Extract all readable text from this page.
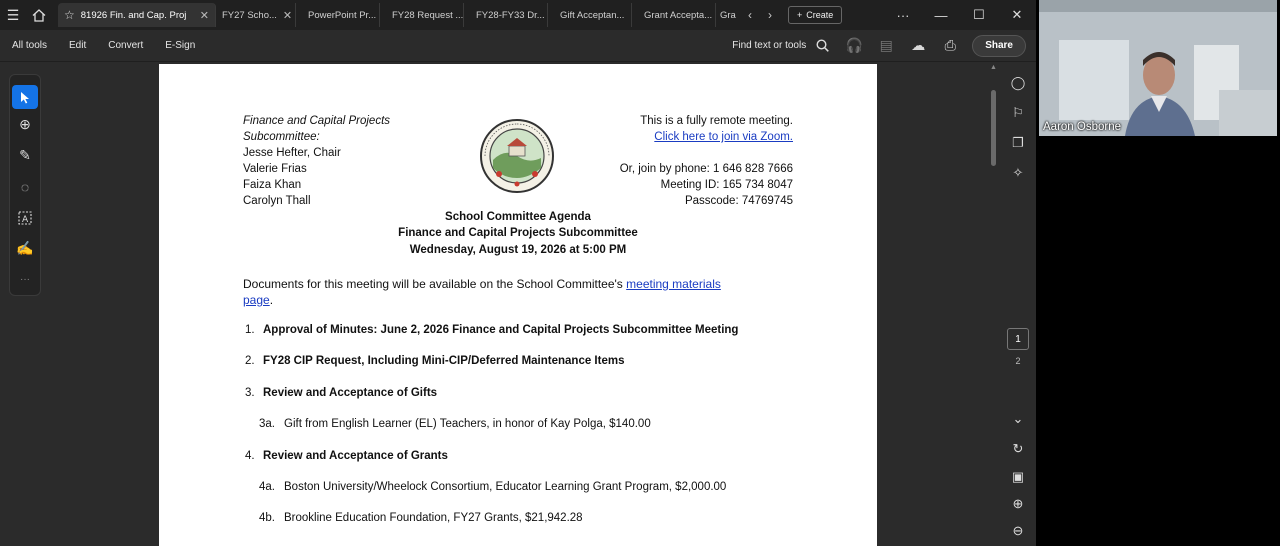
☰	☆ 81926 Fin. and Cap. Proj	✕ FY27 Scho... ✕ PowerPoint Pr... FY28 Request ... FY28-FY33 Dr... Gift Acceptan... Grant Accepta... Gra	‹	›	+ Create	···	—	☐	✕
All tools	Edit	Convert	E-Sign	Find text or tools	🎧	▤	☁	⎙	Share
⊕
✎
◌
A
✍
···
Finance and Capital Projects
Subcommittee:
Jesse Hefter, Chair
Valerie Frias
Faiza Khan
Carolyn Thall
This is a fully remote meeting.
Click here to join via Zoom.
Or, join by phone: 1 646 828 7666
Meeting ID: 165 734 8047
Passcode: 74769745
School Committee Agenda
Finance and Capital Projects Subcommittee
Wednesday, August 19, 2026 at 5:00 PM
Documents for this meeting will be available on the School Committee's meeting materials
page.
1. Approval of Minutes: June 2, 2026 Finance and Capital Projects Subcommittee Meeting
2. FY28 CIP Request, Including Mini-CIP/Deferred Maintenance Items
3. Review and Acceptance of Gifts
3a. Gift from English Learner (EL) Teachers, in honor of Kay Polga, $140.00
4. Review and Acceptance of Grants
4a. Boston University/Wheelock Consortium, Educator Learning Grant Program, $2,000.00
4b. Brookline Education Foundation, FY27 Grants, $21,942.28
▲
◯
⚐
❐
✧
1
2
⌄
↻
▣
⊕
⊖
Aaron Osborne
